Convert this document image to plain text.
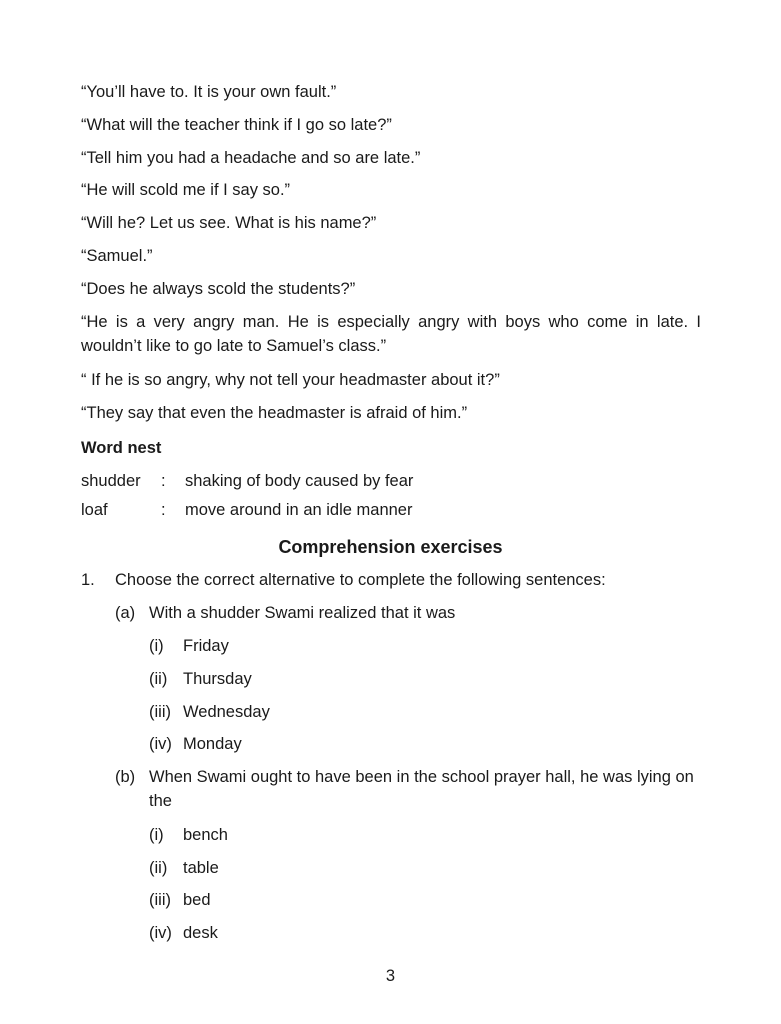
“You’ll have to. It is your own fault.”
“What will the teacher think if I go so late?”
“Tell him you had a headache and so are late.”
“He will scold me if I say so.”
“Will he? Let us see. What is his name?”
“Samuel.”
“Does he always scold the students?”
“He is a very angry man. He is especially angry with boys who come in late. I wouldn’t like to go late to Samuel’s class.”
“ If he is so angry, why not tell your headmaster about it?”
“They say that even the headmaster is afraid of him.”
Word nest
shudder : shaking of body caused by fear
loaf	: move around in an idle manner
Comprehension exercises
1. Choose the correct alternative to complete the following sentences:
(a) With a shudder Swami realized that it was
(i) Friday
(ii) Thursday
(iii) Wednesday
(iv) Monday
(b) When Swami ought to have been in the school prayer hall, he was lying on the
(i) bench
(ii) table
(iii) bed
(iv) desk
3
